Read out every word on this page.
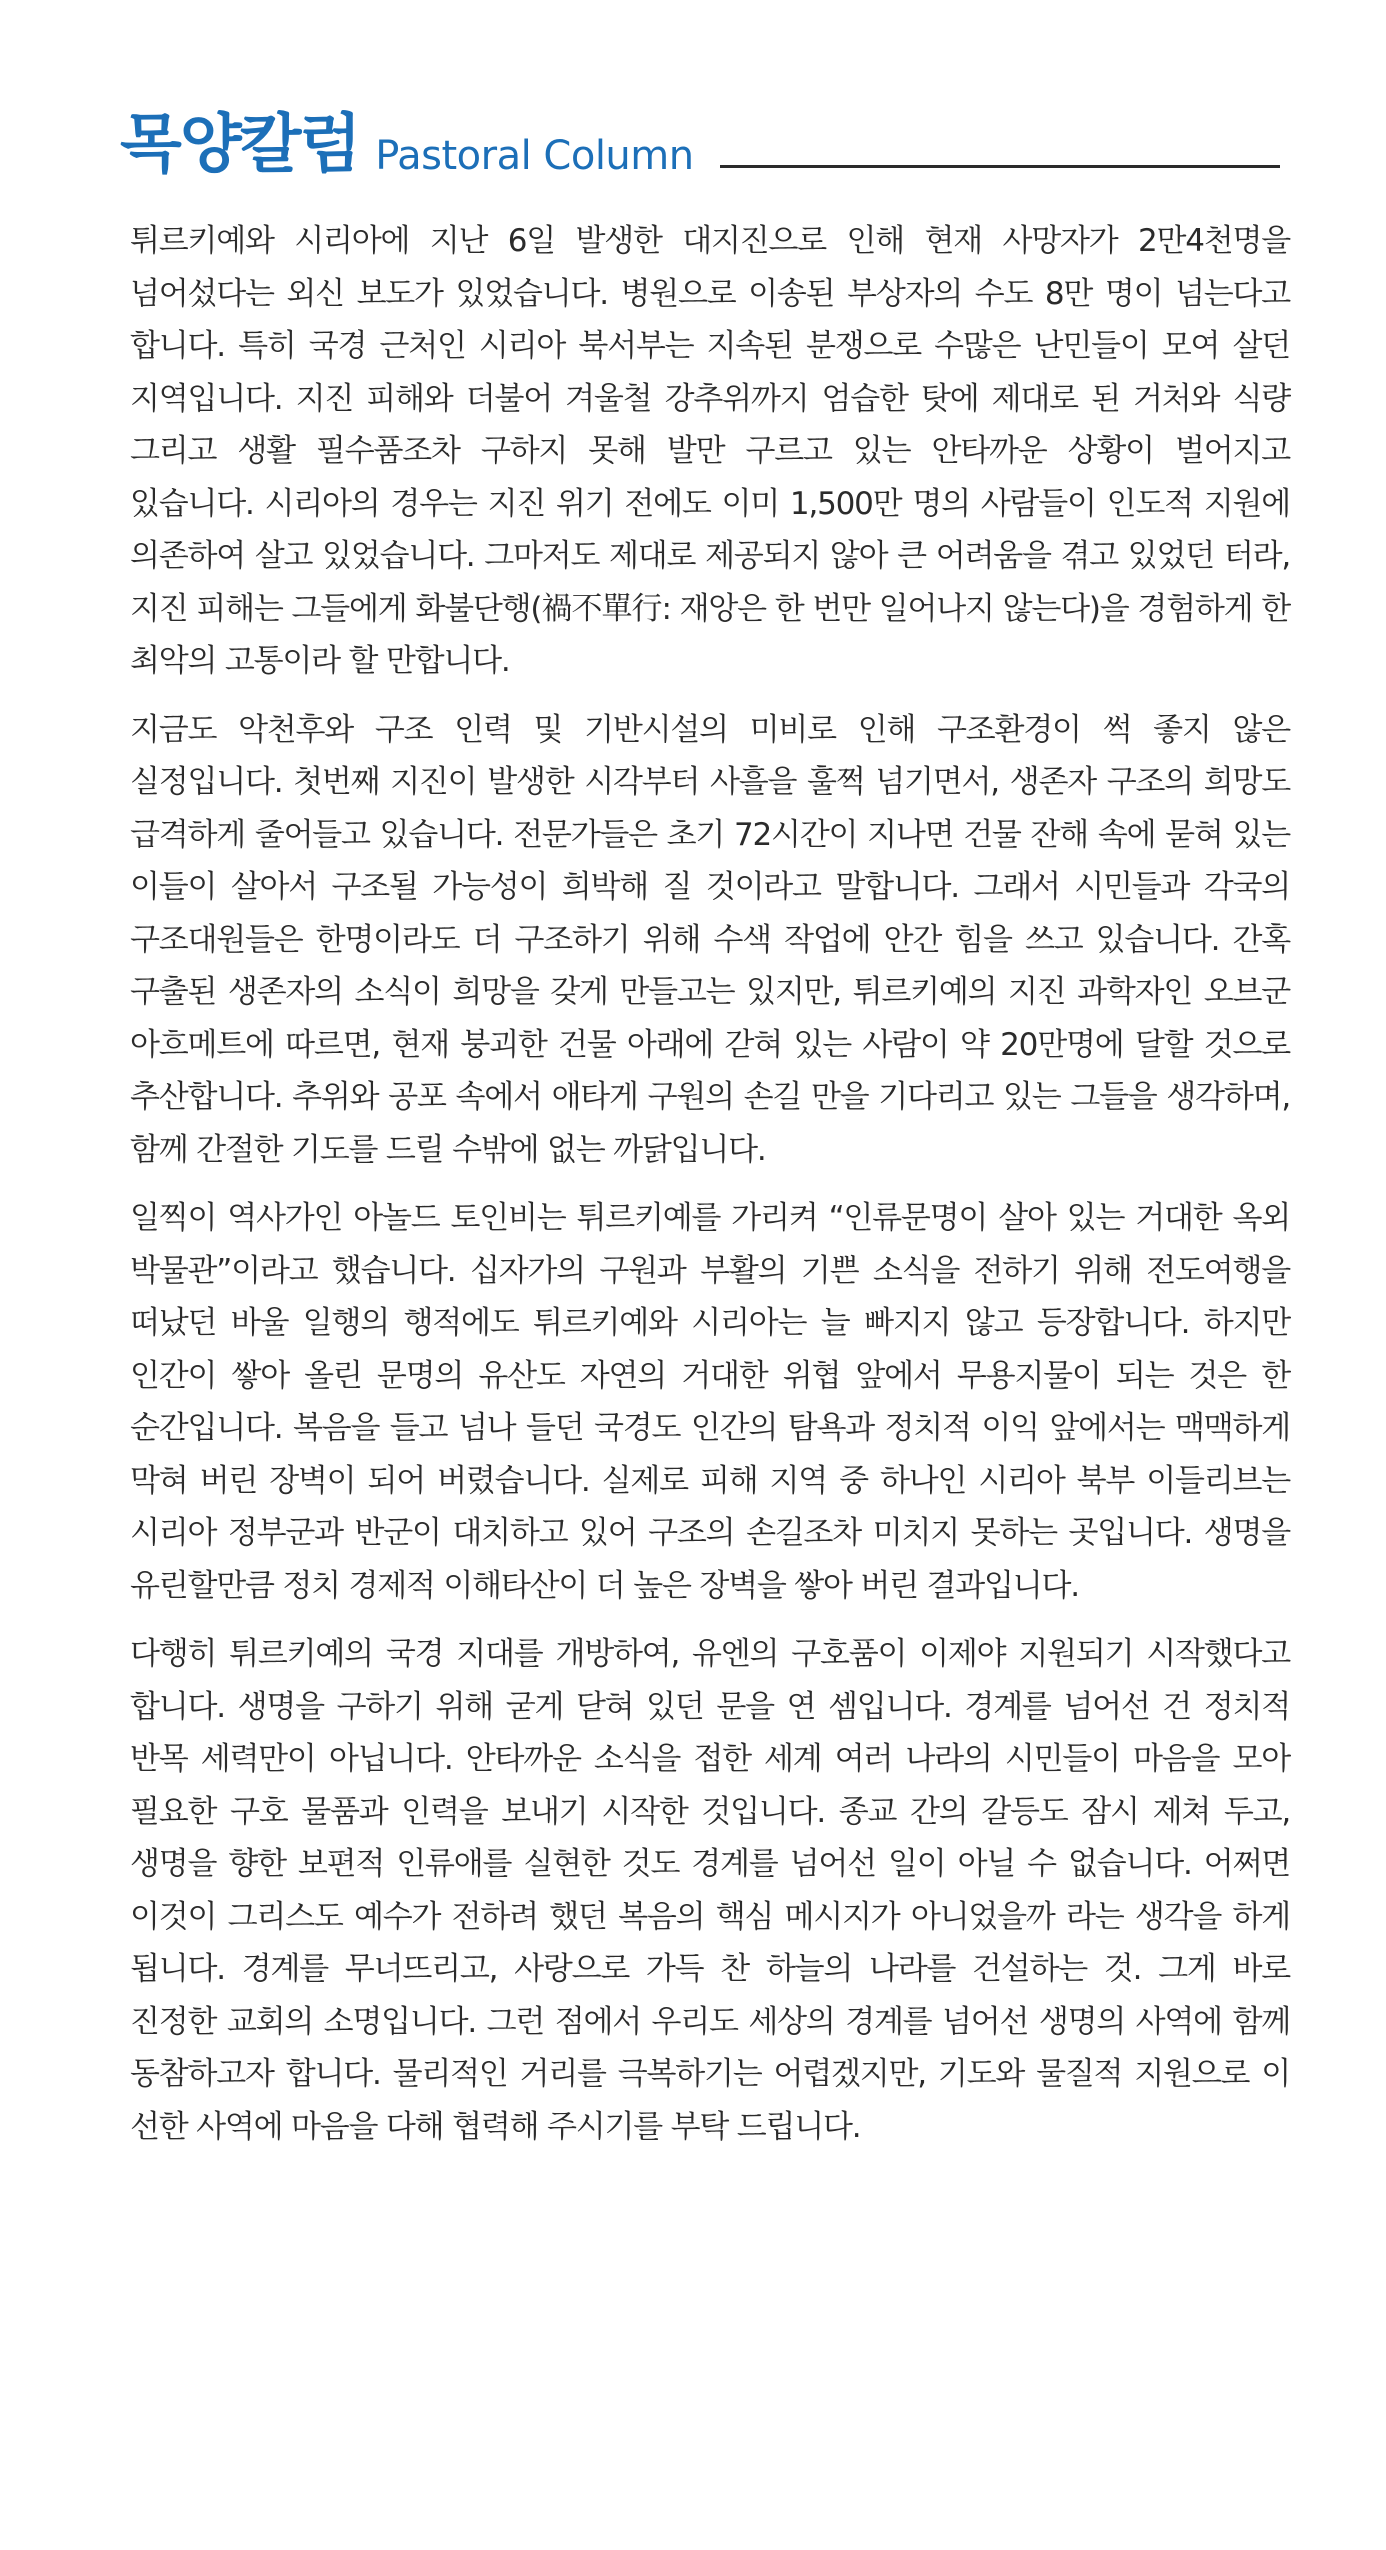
목양칼럼 Pastoral Column

튀르키예와 시리아에 지난 6일 발생한 대지진으로 인해 현재 사망자가 2만4천명을 넘어섰다는 외신 보도가 있었습니다. 병원으로 이송된 부상자의 수도 8만 명이 넘는다고 합니다. 특히 국경 근처인 시리아 북서부는 지속된 분쟁으로 수많은 난민들이 모여 살던 지역입니다. 지진 피해와 더불어 겨울철 강추위까지 엄습한 탓에 제대로 된 거처와 식량 그리고 생활 필수품조차 구하지 못해 발만 구르고 있는 안타까운 상황이 벌어지고 있습니다. 시리아의 경우는 지진 위기 전에도 이미 1,500만 명의 사람들이 인도적 지원에 의존하여 살고 있었습니다. 그마저도 제대로 제공되지 않아 큰 어려움을 겪고 있었던 터라, 지진 피해는 그들에게 화불단행(禍不單行: 재앙은 한 번만 일어나지 않는다)을 경험하게 한 최악의 고통이라 할 만합니다.

지금도 악천후와 구조 인력 및 기반시설의 미비로 인해 구조환경이 썩 좋지 않은 실정입니다. 첫번째 지진이 발생한 시각부터 사흘을 훌쩍 넘기면서, 생존자 구조의 희망도 급격하게 줄어들고 있습니다. 전문가들은 초기 72시간이 지나면 건물 잔해 속에 묻혀 있는 이들이 살아서 구조될 가능성이 희박해 질 것이라고 말합니다. 그래서 시민들과 각국의 구조대원들은 한명이라도 더 구조하기 위해 수색 작업에 안간 힘을 쓰고 있습니다. 간혹 구출된 생존자의 소식이 희망을 갖게 만들고는 있지만, 튀르키예의 지진 과학자인 오브군 아흐메트에 따르면, 현재 붕괴한 건물 아래에 갇혀 있는 사람이 약 20만명에 달할 것으로 추산합니다. 추위와 공포 속에서 애타게 구원의 손길 만을 기다리고 있는 그들을 생각하며, 함께 간절한 기도를 드릴 수밖에 없는 까닭입니다.

일찍이 역사가인 아놀드 토인비는 튀르키예를 가리켜 “인류문명이 살아 있는 거대한 옥외 박물관”이라고 했습니다. 십자가의 구원과 부활의 기쁜 소식을 전하기 위해 전도여행을 떠났던 바울 일행의 행적에도 튀르키예와 시리아는 늘 빠지지 않고 등장합니다. 하지만 인간이 쌓아 올린 문명의 유산도 자연의 거대한 위협 앞에서 무용지물이 되는 것은 한 순간입니다. 복음을 들고 넘나 들던 국경도 인간의 탐욕과 정치적 이익 앞에서는 맥맥하게 막혀 버린 장벽이 되어 버렸습니다. 실제로 피해 지역 중 하나인 시리아 북부 이들리브는 시리아 정부군과 반군이 대치하고 있어 구조의 손길조차 미치지 못하는 곳입니다. 생명을 유린할만큼 정치 경제적 이해타산이 더 높은 장벽을 쌓아 버린 결과입니다.

다행히 튀르키예의 국경 지대를 개방하여, 유엔의 구호품이 이제야 지원되기 시작했다고 합니다. 생명을 구하기 위해 굳게 닫혀 있던 문을 연 셈입니다. 경계를 넘어선 건 정치적 반목 세력만이 아닙니다. 안타까운 소식을 접한 세계 여러 나라의 시민들이 마음을 모아 필요한 구호 물품과 인력을 보내기 시작한 것입니다. 종교 간의 갈등도 잠시 제쳐 두고, 생명을 향한 보편적 인류애를 실현한 것도 경계를 넘어선 일이 아닐 수 없습니다. 어쩌면 이것이 그리스도 예수가 전하려 했던 복음의 핵심 메시지가 아니었을까 라는 생각을 하게 됩니다. 경계를 무너뜨리고, 사랑으로 가득 찬 하늘의 나라를 건설하는 것. 그게 바로 진정한 교회의 소명입니다. 그런 점에서 우리도 세상의 경계를 넘어선 생명의 사역에 함께 동참하고자 합니다. 물리적인 거리를 극복하기는 어렵겠지만, 기도와 물질적 지원으로 이 선한 사역에 마음을 다해 협력해 주시기를 부탁 드립니다.
